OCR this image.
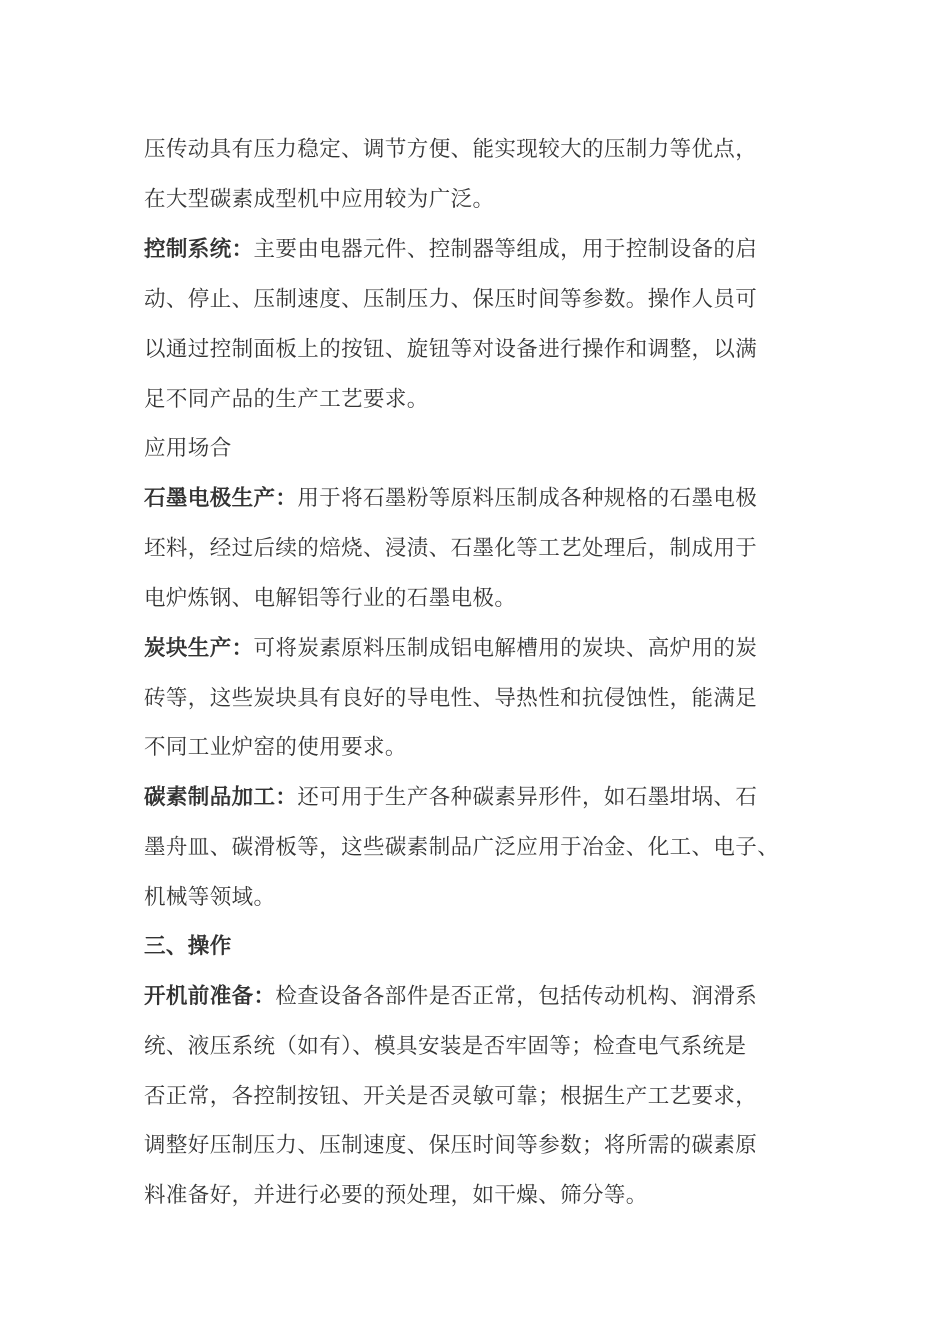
压传动具有压力稳定、调节方便、能实现较大的压制力等优点，
在大型碳素成型机中应用较为广泛。
控制系统：主要由电器元件、控制器等组成，用于控制设备的启
动、停止、压制速度、压制压力、保压时间等参数。操作人员可
以通过控制面板上的按钮、旋钮等对设备进行操作和调整，以满
足不同产品的生产工艺要求。
应用场合
石墨电极生产：用于将石墨粉等原料压制成各种规格的石墨电极
坯料，经过后续的焙烧、浸渍、石墨化等工艺处理后，制成用于
电炉炼钢、电解铝等行业的石墨电极。
炭块生产：可将炭素原料压制成铝电解槽用的炭块、高炉用的炭
砖等，这些炭块具有良好的导电性、导热性和抗侵蚀性，能满足
不同工业炉窑的使用要求。
碳素制品加工：还可用于生产各种碳素异形件，如石墨坩埚、石
墨舟皿、碳滑板等，这些碳素制品广泛应用于冶金、化工、电子、
机械等领域。
三、操作
开机前准备：检查设备各部件是否正常，包括传动机构、润滑系
统、液压系统（如有）、模具安装是否牢固等；检查电气系统是
否正常，各控制按钮、开关是否灵敏可靠；根据生产工艺要求，
调整好压制压力、压制速度、保压时间等参数；将所需的碳素原
料准备好，并进行必要的预处理，如干燥、筛分等。
